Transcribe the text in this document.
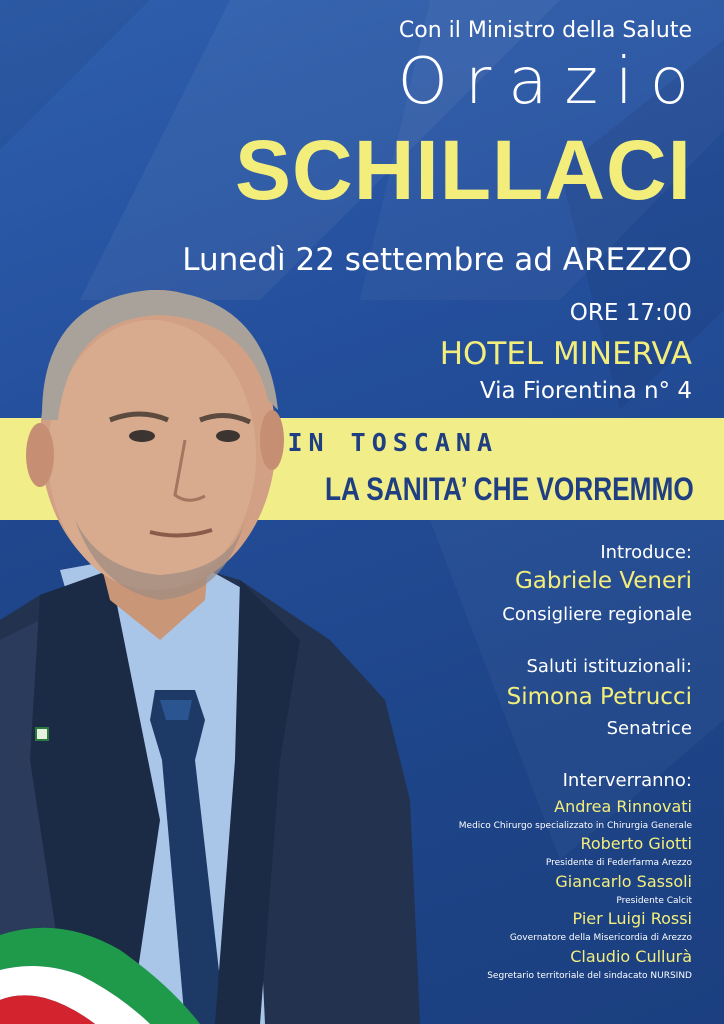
Con il Ministro della Salute
Orazio
SCHILLACI
Lunedì 22 settembre ad AREZZO
ORE 17:00
HOTEL MINERVA
Via Fiorentina n° 4
IN TOSCANA
LA SANITA’ CHE VORREMMO
Introduce:
Gabriele Veneri
Consigliere regionale
Saluti istituzionali:
Simona Petrucci
Senatrice
Interverranno:
Andrea Rinnovati
Medico Chirurgo specializzato in Chirurgia Generale
Roberto Giotti
Presidente di Federfarma Arezzo
Giancarlo Sassoli
Presidente Calcit
Pier Luigi Rossi
Governatore della Misericordia di Arezzo
Claudio Cullurà
Segretario territoriale del sindacato NURSIND
